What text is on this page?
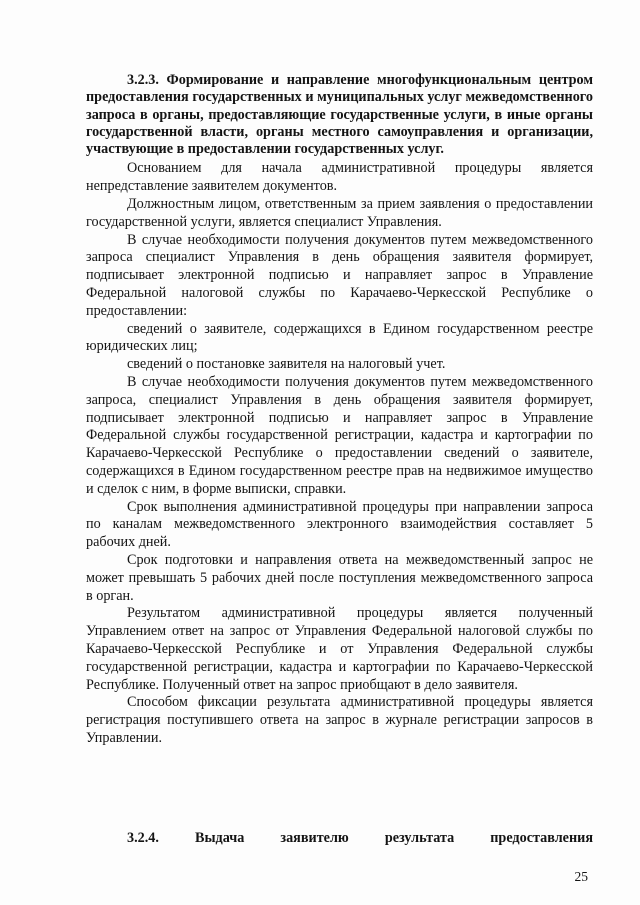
3.2.3. Формирование и направление многофункциональным центром предоставления государственных и муниципальных услуг межведомственного запроса в органы, предоставляющие государственные услуги, в иные органы государственной власти, органы местного самоуправления и организации, участвующие в предоставлении государственных услуг.

Основанием для начала административной процедуры является непредставление заявителем документов.

Должностным лицом, ответственным за прием заявления о предоставлении государственной услуги, является специалист Управления.

В случае необходимости получения документов путем межведомственного запроса специалист Управления в день обращения заявителя формирует, подписывает электронной подписью и направляет запрос в Управление Федеральной налоговой службы по Карачаево-Черкесской Республике о предоставлении:

сведений о заявителе, содержащихся в Едином государственном реестре юридических лиц;

сведений о постановке заявителя на налоговый учет.

В случае необходимости получения документов путем межведомственного запроса, специалист Управления в день обращения заявителя формирует, подписывает электронной подписью и направляет запрос в Управление Федеральной службы государственной регистрации, кадастра и картографии по Карачаево-Черкесской Республике о предоставлении сведений о заявителе, содержащихся в Едином государственном реестре прав на недвижимое имущество и сделок с ним, в форме выписки, справки.

Срок выполнения административной процедуры при направлении запроса по каналам межведомственного электронного взаимодействия составляет 5 рабочих дней.

Срок подготовки и направления ответа на межведомственный запрос не может превышать 5 рабочих дней после поступления межведомственного запроса в орган.

Результатом административной процедуры является полученный Управлением ответ на запрос от Управления Федеральной налоговой службы по Карачаево-Черкесской Республике и от Управления Федеральной службы государственной регистрации, кадастра и картографии по Карачаево-Черкесской Республике. Полученный ответ на запрос приобщают в дело заявителя.

Способом фиксации результата административной процедуры является регистрация поступившего ответа на запрос в журнале регистрации запросов в Управлении.

3.2.4. Выдача заявителю результата предоставления
25
